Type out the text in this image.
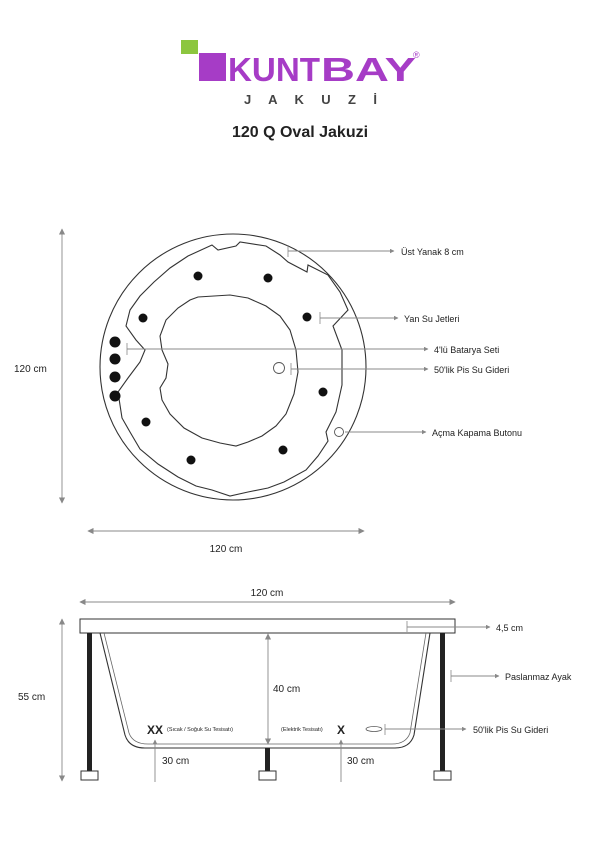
KUNT BAY
®
J A K U Z İ
120 Q Oval Jakuzi
120 cm
Üst Yanak 8 cm
Yan Su Jetleri
4'lü Batarya Seti
50'lik Pis Su Gideri
Açma Kapama Butonu
120 cm
120 cm
4,5 cm
55 cm
40 cm
Paslanmaz Ayak
50'lik Pis Su Gideri
XX (Sıcak / Soğuk Su Tesisatı)	(Elektrik Tesisatı) X
30 cm	30 cm
